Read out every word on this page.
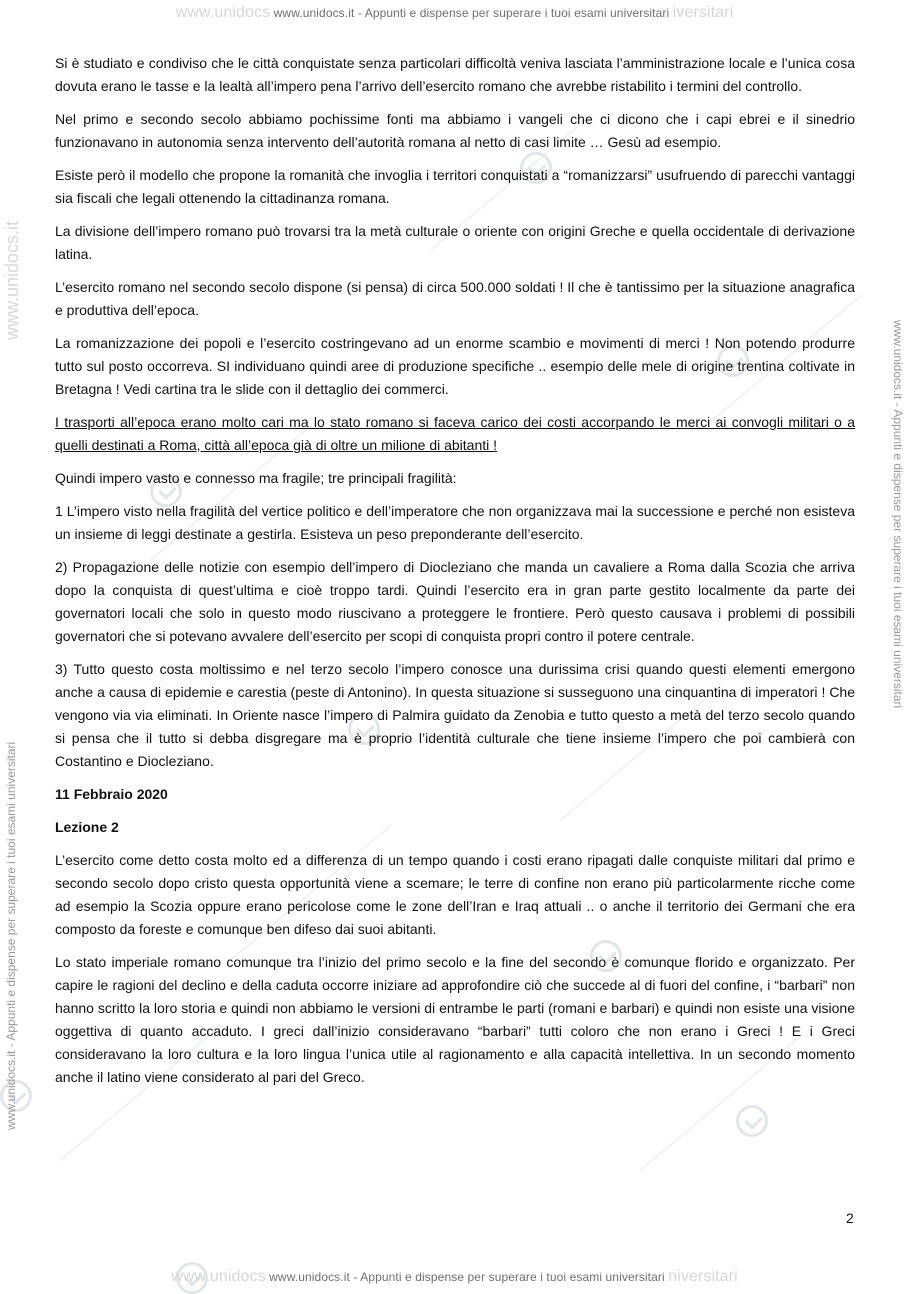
www.unidocs www.unidocs.it - Appunti e dispense per superare i tuoi esami universitari iversitari
www.unidocs.it
www.unidocs.it - Appunti e dispense per superare i tuoi esami universitari
www.unidocs.it - Appunti e dispense per superare i tuoi esami universitari

Si è studiato e condiviso che le città conquistate senza particolari difficoltà veniva lasciata l’amministrazione locale e l’unica cosa dovuta erano le tasse e la lealtà all’impero pena l’arrivo dell’esercito romano che avrebbe ristabilito i termini del controllo.

Nel primo e secondo secolo abbiamo pochissime fonti ma abbiamo i vangeli che ci dicono che i capi ebrei e il sinedrio funzionavano in autonomia senza intervento dell’autorità romana al netto di casi limite … Gesù ad esempio.

Esiste però il modello che propone la romanità che invoglia i territori conquistati a “romanizzarsi” usufruendo di parecchi vantaggi sia fiscali che legali ottenendo la cittadinanza romana.

La divisione dell’impero romano può trovarsi tra la metà culturale o oriente con origini Greche e quella occidentale di derivazione latina.

L’esercito romano nel secondo secolo dispone (si pensa) di circa 500.000 soldati ! Il che è tantissimo per la situazione anagrafica e produttiva dell’epoca.

La romanizzazione dei popoli e l’esercito costringevano ad un enorme scambio e movimenti di merci ! Non potendo produrre tutto sul posto occorreva. SI individuano quindi aree di produzione specifiche .. esempio delle mele di origine trentina coltivate in Bretagna ! Vedi cartina tra le slide con il dettaglio dei commerci.

I trasporti all’epoca erano molto cari ma lo stato romano si faceva carico dei costi accorpando le merci ai convogli militari o a quelli destinati a Roma, città all’epoca già di oltre un milione di abitanti !

Quindi impero vasto e connesso ma fragile; tre principali fragilità:

1 L’impero visto nella fragilità del vertice politico e dell’imperatore che non organizzava mai la successione e perché non esisteva un insieme di leggi destinate a gestirla. Esisteva un peso preponderante dell’esercito.

2) Propagazione delle notizie con esempio dell’impero di Diocleziano che manda un cavaliere a Roma dalla Scozia che arriva dopo la conquista di quest’ultima e cioè troppo tardi. Quindi l’esercito era in gran parte gestito localmente da parte dei governatori locali che solo in questo modo riuscivano a proteggere le frontiere. Però questo causava i problemi di possibili governatori che si potevano avvalere dell’esercito per scopi di conquista propri contro il potere centrale.

3) Tutto questo costa moltissimo e nel terzo secolo l’impero conosce una durissima crisi quando questi elementi emergono anche a causa di epidemie e carestia (peste di Antonino). In questa situazione si susseguono una cinquantina di imperatori ! Che vengono via via eliminati. In Oriente nasce l’impero di Palmira guidato da Zenobia e tutto questo a metà del terzo secolo quando si pensa che il tutto si debba disgregare ma è proprio l’identità culturale che tiene insieme l’impero che poi cambierà con Costantino e Diocleziano.

11 Febbraio 2020

Lezione 2

L’esercito come detto costa molto ed a differenza di un tempo quando i costi erano ripagati dalle conquiste militari dal primo e secondo secolo dopo cristo questa opportunità viene a scemare; le terre di confine non erano più particolarmente ricche come ad esempio la Scozia oppure erano pericolose come le zone dell’Iran e Iraq attuali .. o anche il territorio dei Germani che era composto da foreste e comunque ben difeso dai suoi abitanti.

Lo stato imperiale romano comunque tra l’inizio del primo secolo e la fine del secondo è comunque florido e organizzato. Per capire le ragioni del declino e della caduta occorre iniziare ad approfondire ciò che succede al di fuori del confine, i “barbari” non hanno scritto la loro storia e quindi non abbiamo le versioni di entrambe le parti (romani e barbari) e quindi non esiste una visione oggettiva di quanto accaduto. I greci dall’inizio consideravano “barbari” tutti coloro che non erano i Greci ! E i Greci consideravano la loro cultura e la loro lingua l’unica utile al ragionamento e alla capacità intellettiva. In un secondo momento anche il latino viene considerato al pari del Greco.

2
www.unidocs www.unidocs.it - Appunti e dispense per superare i tuoi esami universitari niversitari
